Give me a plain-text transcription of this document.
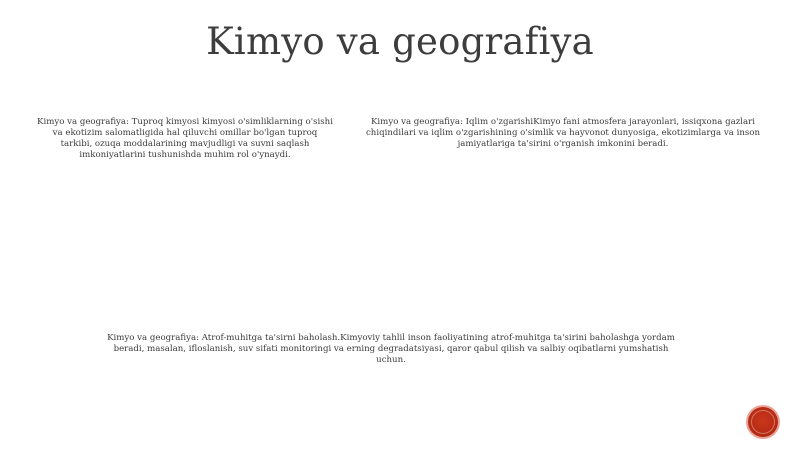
Kimyo va geografiya
Kimyo va geografiya: Tuproq kimyosi kimyosi o'simliklarning o'sishi va ekotizim salomatligida hal qiluvchi omillar bo'lgan tuproq tarkibi, ozuqa moddalarining mavjudligi va suvni saqlash imkoniyatlarini tushunishda muhim rol o'ynaydi.
Kimyo va geografiya: Iqlim o'zgarishiKimyo fani atmosfera jarayonlari, issiqxona gazlari chiqindilari va iqlim o'zgarishining o'simlik va hayvonot dunyosiga, ekotizimlarga va inson jamiyatlariga ta'sirini o'rganish imkonini beradi.
Kimyo va geografiya: Atrof-muhitga ta'sirni baholash.Kimyoviy tahlil inson faoliyatining atrof-muhitga ta'sirini baholashga yordam beradi, masalan, ifloslanish, suv sifati monitoringi va erning degradatsiyasi, qaror qabul qilish va salbiy oqibatlarni yumshatish uchun.
